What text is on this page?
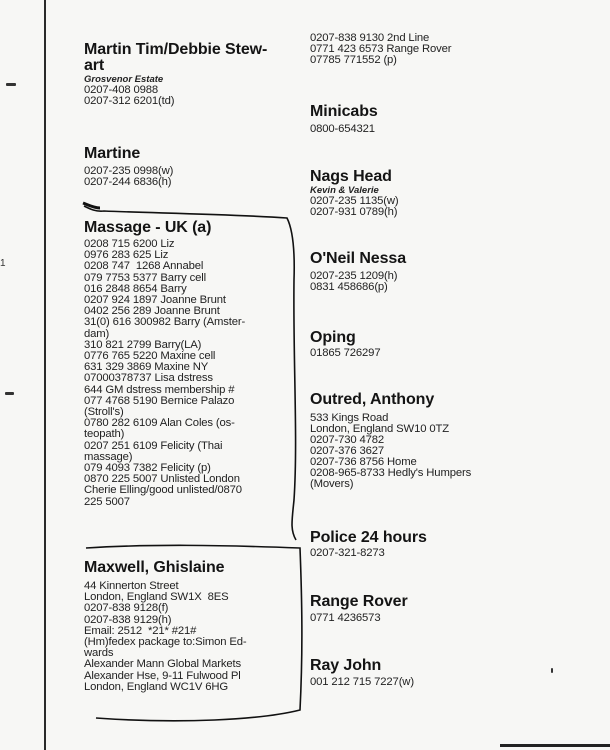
1
Martin Tim/Debbie Stew-
art
Grosvenor Estate
0207-408 0988
0207-312 6201(td)
Martine
0207-235 0998(w)
0207-244 6836(h)
Massage - UK (a)
0208 715 6200 Liz
0976 283 625 Liz
0208 747  1268 Annabel
079 7753 5377 Barry cell
016 2848 8654 Barry
0207 924 1897 Joanne Brunt
0402 256 289 Joanne Brunt
31(0) 616 300982 Barry (Amster-
dam)
310 821 2799 Barry(LA)
0776 765 5220 Maxine cell
631 329 3869 Maxine NY
07000378737 Lisa dstress
644 GM dstress membership #
077 4768 5190 Bernice Palazo
(Stroll's)
0780 282 6109 Alan Coles (os-
teopath)
0207 251 6109 Felicity (Thai
massage)
079 4093 7382 Felicity (p)
0870 225 5007 Unlisted London
Cherie Elling/good unlisted/0870
225 5007
Maxwell, Ghislaine
44 Kinnerton Street
London, England SW1X  8ES
0207-838 9128(f)
0207-838 9129(h)
Email: 2512  *21* #21#
(Hm)fedex package to:Simon Ed-
wards
Alexander Mann Global Markets
Alexander Hse, 9-11 Fulwood Pl
London, England WC1V 6HG
0207-838 9130 2nd Line
0771 423 6573 Range Rover
07785 771552 (p)
Minicabs
0800-654321
Nags Head
Kevin & Valerie
0207-235 1135(w)
0207-931 0789(h)
O'Neil Nessa
0207-235 1209(h)
0831 458686(p)
Oping
01865 726297
Outred, Anthony
533 Kings Road
London, England SW10 0TZ
0207-730 4782
0207-376 3627
0207-736 8756 Home
0208-965-8733 Hedly's Humpers
(Movers)
Police 24 hours
0207-321-8273
Range Rover
0771 4236573
Ray John
001 212 715 7227(w)
